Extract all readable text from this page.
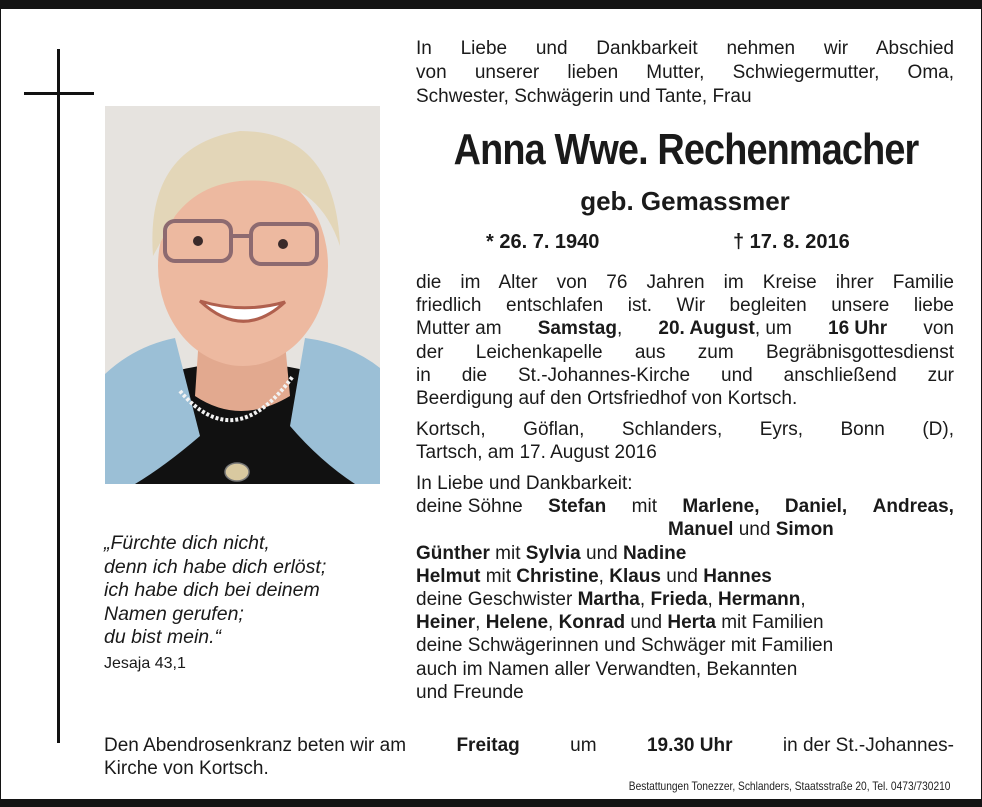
„Fürchte dich nicht,
denn ich habe dich erlöst;
ich habe dich bei deinem
Namen gerufen;
du bist mein.“
Jesaja 43,1
In Liebe und Dankbarkeit nehmen wir Abschied
von unserer lieben Mutter, Schwiegermutter, Oma,
Schwester, Schwägerin und Tante, Frau
Anna Wwe. Rechenmacher
geb. Gemassmer
* 26. 7. 1940	† 17. 8. 2016
die im Alter von 76 Jahren im Kreise ihrer Familie
friedlich entschlafen ist. Wir begleiten unsere liebe
Mutter am Samstag, 20. August, um 16 Uhr von
der Leichenkapelle aus zum Begräbnisgottesdienst
in die St.-Johannes-Kirche und anschließend zur
Beerdigung auf den Ortsfriedhof von Kortsch.
Kortsch, Göflan, Schlanders, Eyrs, Bonn (D),
Tartsch, am 17. August 2016
In Liebe und Dankbarkeit:
deine Söhne Stefan mit Marlene, Daniel, Andreas,
Manuel und Simon
Günther mit Sylvia und Nadine
Helmut mit Christine, Klaus und Hannes
deine Geschwister Martha, Frieda, Hermann,
Heiner, Helene, Konrad und Herta mit Familien
deine Schwägerinnen und Schwäger mit Familien
auch im Namen aller Verwandten, Bekannten
und Freunde
Den Abendrosenkranz beten wir am	Freitag	um	19.30 Uhr	in der St.-Johannes-
Kirche von Kortsch.
Bestattungen Tonezzer, Schlanders, Staatsstraße 20, Tel. 0473/730210
